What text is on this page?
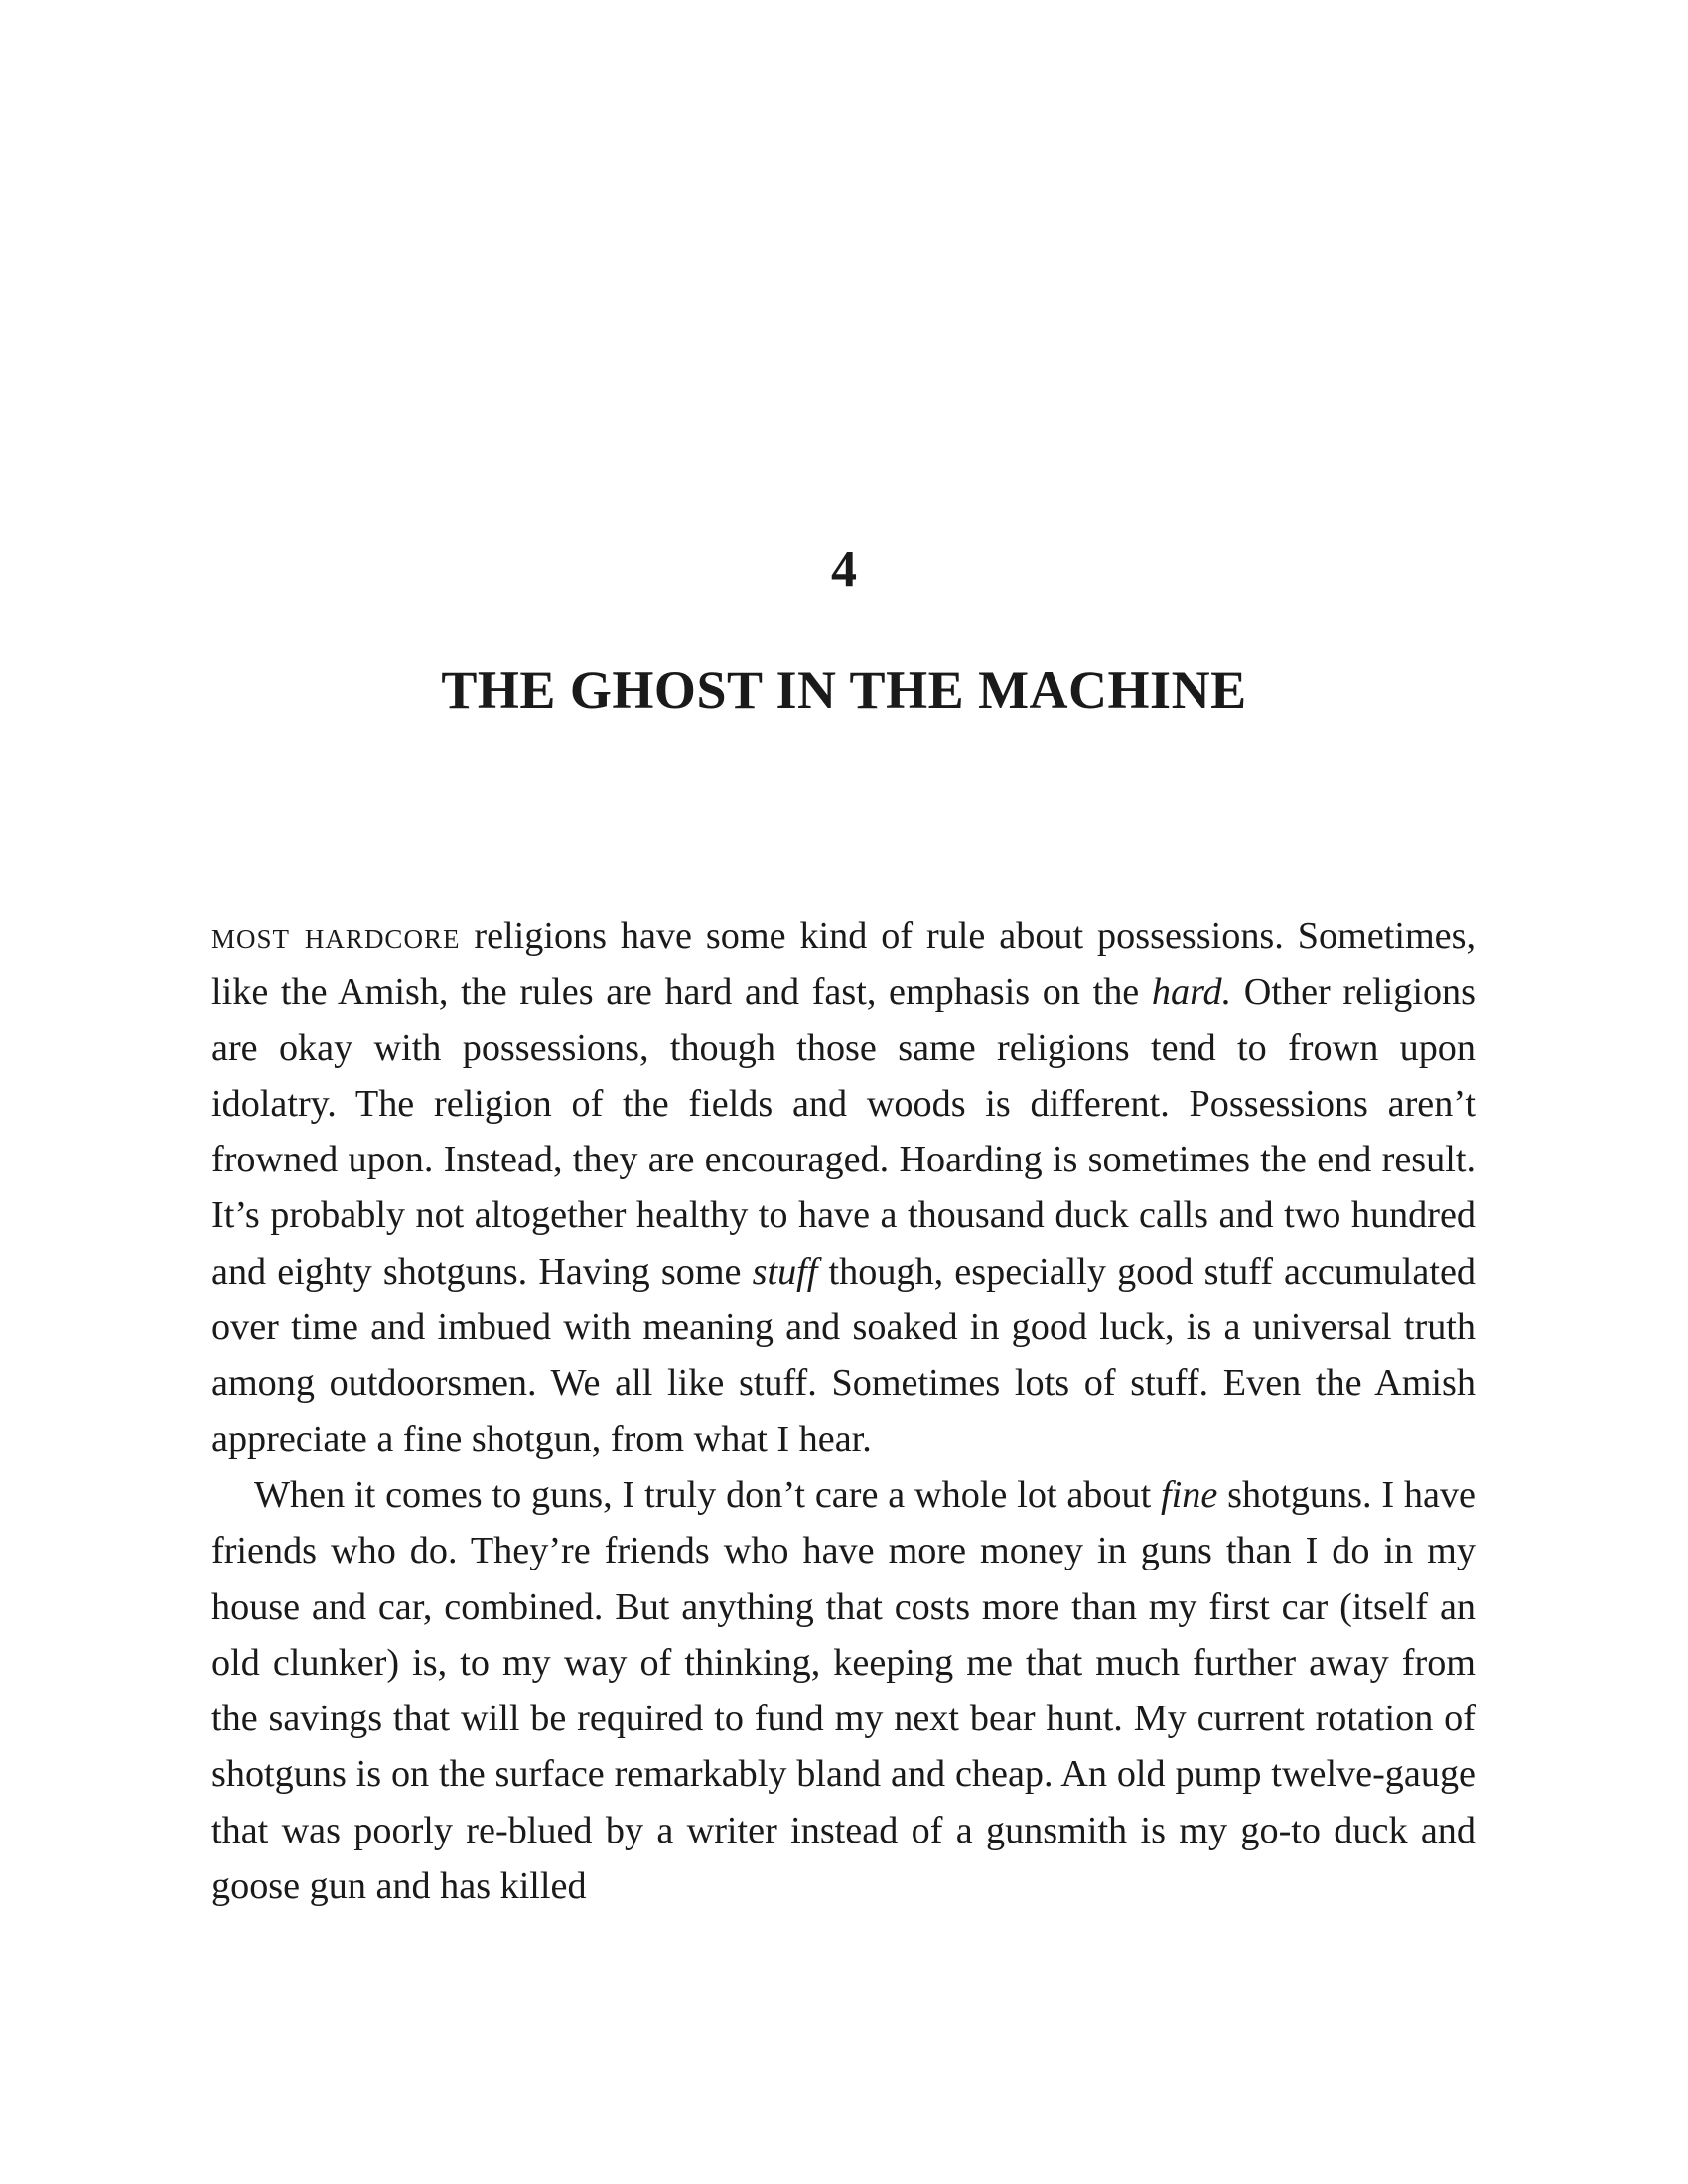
4
THE GHOST IN THE MACHINE

most hardcore religions have some kind of rule about possessions. Sometimes, like the Amish, the rules are hard and fast, emphasis on the hard. Other religions are okay with possessions, though those same religions tend to frown upon idolatry. The religion of the fields and woods is different. Possessions aren’t frowned upon. Instead, they are encouraged. Hoarding is sometimes the end result. It’s probably not altogether healthy to have a thousand duck calls and two hundred and eighty shotguns. Having some stuff though, especially good stuff accumulated over time and imbued with meaning and soaked in good luck, is a universal truth among outdoorsmen. We all like stuff. Sometimes lots of stuff. Even the Amish appreciate a fine shotgun, from what I hear.

When it comes to guns, I truly don’t care a whole lot about fine shotguns. I have friends who do. They’re friends who have more money in guns than I do in my house and car, combined. But anything that costs more than my first car (itself an old clunker) is, to my way of thinking, keeping me that much further away from the savings that will be required to fund my next bear hunt. My current rotation of shotguns is on the surface remarkably bland and cheap. An old pump twelve-gauge that was poorly re-blued by a writer instead of a gunsmith is my go-to duck and goose gun and has killed
